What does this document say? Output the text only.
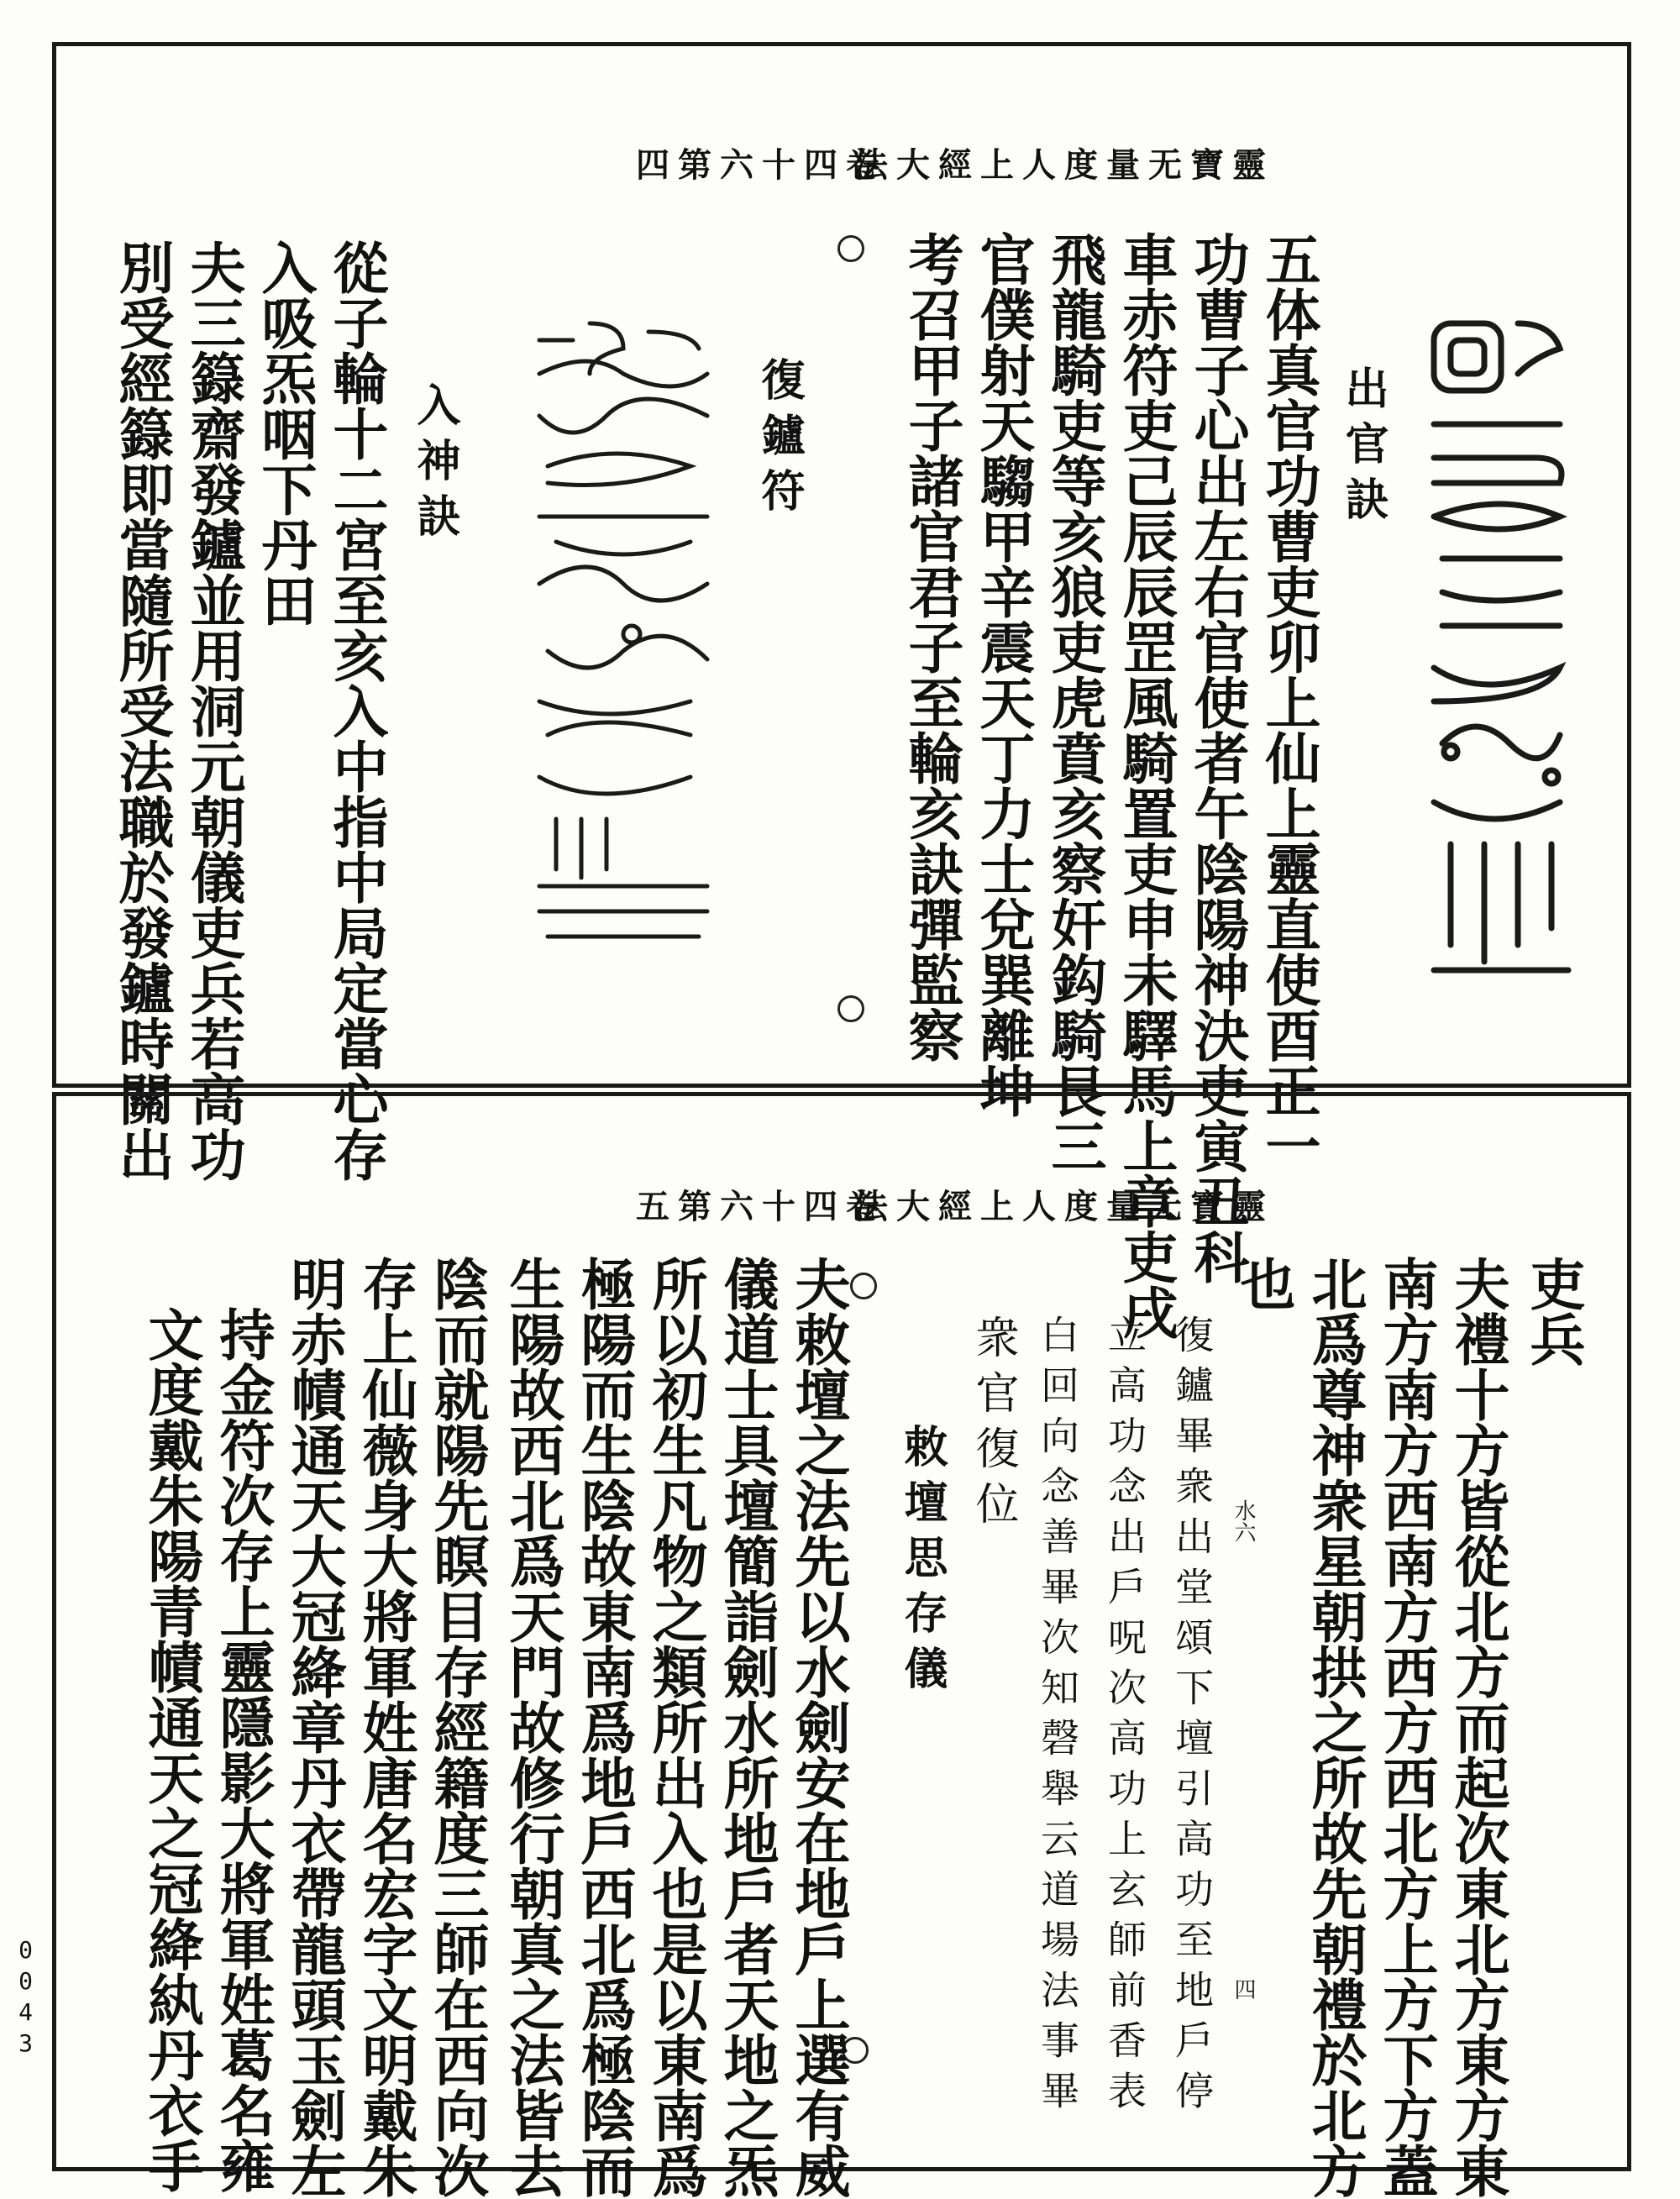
靈寶无量度人上經大法
卷四十六第四
出官訣
五体真官功曹吏卯上仙上靈直使酉正一
功曹子心出左右官使者午陰陽神決吏寅丑科
車赤符吏己辰辰罡風騎置吏申未驛馬上章吏戌
飛龍騎吏等亥狼吏虎賁亥察奸鈎騎艮三
官僕射天騶甲辛震天丁力士兌巽離坤
考召甲子諸官君子至輪亥訣彈監察
復鑪符
入神訣
從子輪十二宮至亥入中指中局定當心存
入吸炁咽下丹田
夫三籙齋發鑪並用洞元朝儀吏兵若高功
別受經籙即當隨所受法職於發鑪時關出
靈寶无量度人上經大法
卷四十六第五
吏兵
夫禮十方皆從北方而起次東北方東方東
南方南方西南方西方西北方上方下方蓋
北爲尊神衆星朝拱之所故先朝禮於北方
也
復鑪畢衆出堂頌下壇引高功至地戶停 水六
四
立高功念出戶呪次高功上玄師前香表
白回向念善畢次知磬舉云道場法事畢
衆官復位
敕壇思存儀
夫敕壇之法先以水劍安在地戶上選有威
儀道士具壇簡詣劍水所地戶者天地之炁
所以初生凡物之類所出入也是以東南爲
極陽而生陰故東南爲地戶西北爲極陰而
生陽故西北爲天門故修行朝真之法皆去
陰而就陽先瞑目存經籍度三師在西向次
存上仙薇身大將軍姓唐名宏字文明戴朱
明赤幘通天大冠絳章丹衣帶龍頭玉劍左
持金符次存上靈隱影大將軍姓葛名雍
文度戴朱陽青幘通天之冠絳紈丹衣手
0043
